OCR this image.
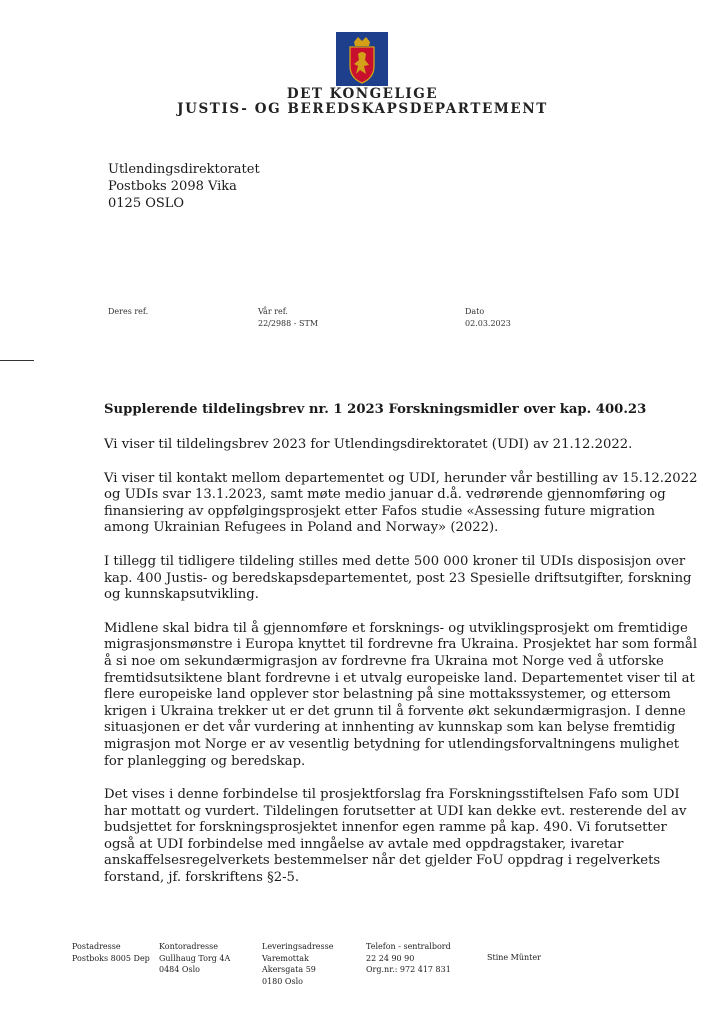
DET KONGELIGE
JUSTIS- OG BEREDSKAPSDEPARTEMENT
Utlendingsdirektoratet
Postboks 2098 Vika
0125 OSLO
Deres ref.	Vår ref.
22/2988 - STM
Dato
02.03.2023
Supplerende tildelingsbrev nr. 1 2023 Forskningsmidler over kap. 400.23

Vi viser til tildelingsbrev 2023 for Utlendingsdirektoratet (UDI) av 21.12.2022.

Vi viser til kontakt mellom departementet og UDI, herunder vår bestilling av 15.12.2022
og UDIs svar 13.1.2023, samt møte medio januar d.å. vedrørende gjennomføring og
finansiering av oppfølgingsprosjekt etter Fafos studie «Assessing future migration
among Ukrainian Refugees in Poland and Norway» (2022).

I tillegg til tidligere tildeling stilles med dette 500 000 kroner til UDIs disposisjon over
kap. 400 Justis- og beredskapsdepartementet, post 23 Spesielle driftsutgifter, forskning
og kunnskapsutvikling.

Midlene skal bidra til å gjennomføre et forsknings- og utviklingsprosjekt om fremtidige
migrasjonsmønstre i Europa knyttet til fordrevne fra Ukraina. Prosjektet har som formål
å si noe om sekundærmigrasjon av fordrevne fra Ukraina mot Norge ved å utforske
fremtidsutsiktene blant fordrevne i et utvalg europeiske land. Departementet viser til at
flere europeiske land opplever stor belastning på sine mottakssystemer, og ettersom
krigen i Ukraina trekker ut er det grunn til å forvente økt sekundærmigrasjon. I denne
situasjonen er det vår vurdering at innhenting av kunnskap som kan belyse fremtidig
migrasjon mot Norge er av vesentlig betydning for utlendingsforvaltningens mulighet
for planlegging og beredskap.

Det vises i denne forbindelse til prosjektforslag fra Forskningsstiftelsen Fafo som UDI
har mottatt og vurdert. Tildelingen forutsetter at UDI kan dekke evt. resterende del av
budsjettet for forskningsprosjektet innenfor egen ramme på kap. 490. Vi forutsetter
også at UDI forbindelse med inngåelse av avtale med oppdragstaker, ivaretar
anskaffelsesregelverkets bestemmelser når det gjelder FoU oppdrag i regelverkets
forstand, jf. forskriftens §2-5.

Postadresse
Postboks 8005 Dep
Kontoradresse
Gullhaug Torg 4A
0484 Oslo
Leveringsadresse
Varemottak
Akersgata 59
0180 Oslo
Telefon - sentralbord
22 24 90 90
Org.nr.: 972 417 831
Stine Münter
